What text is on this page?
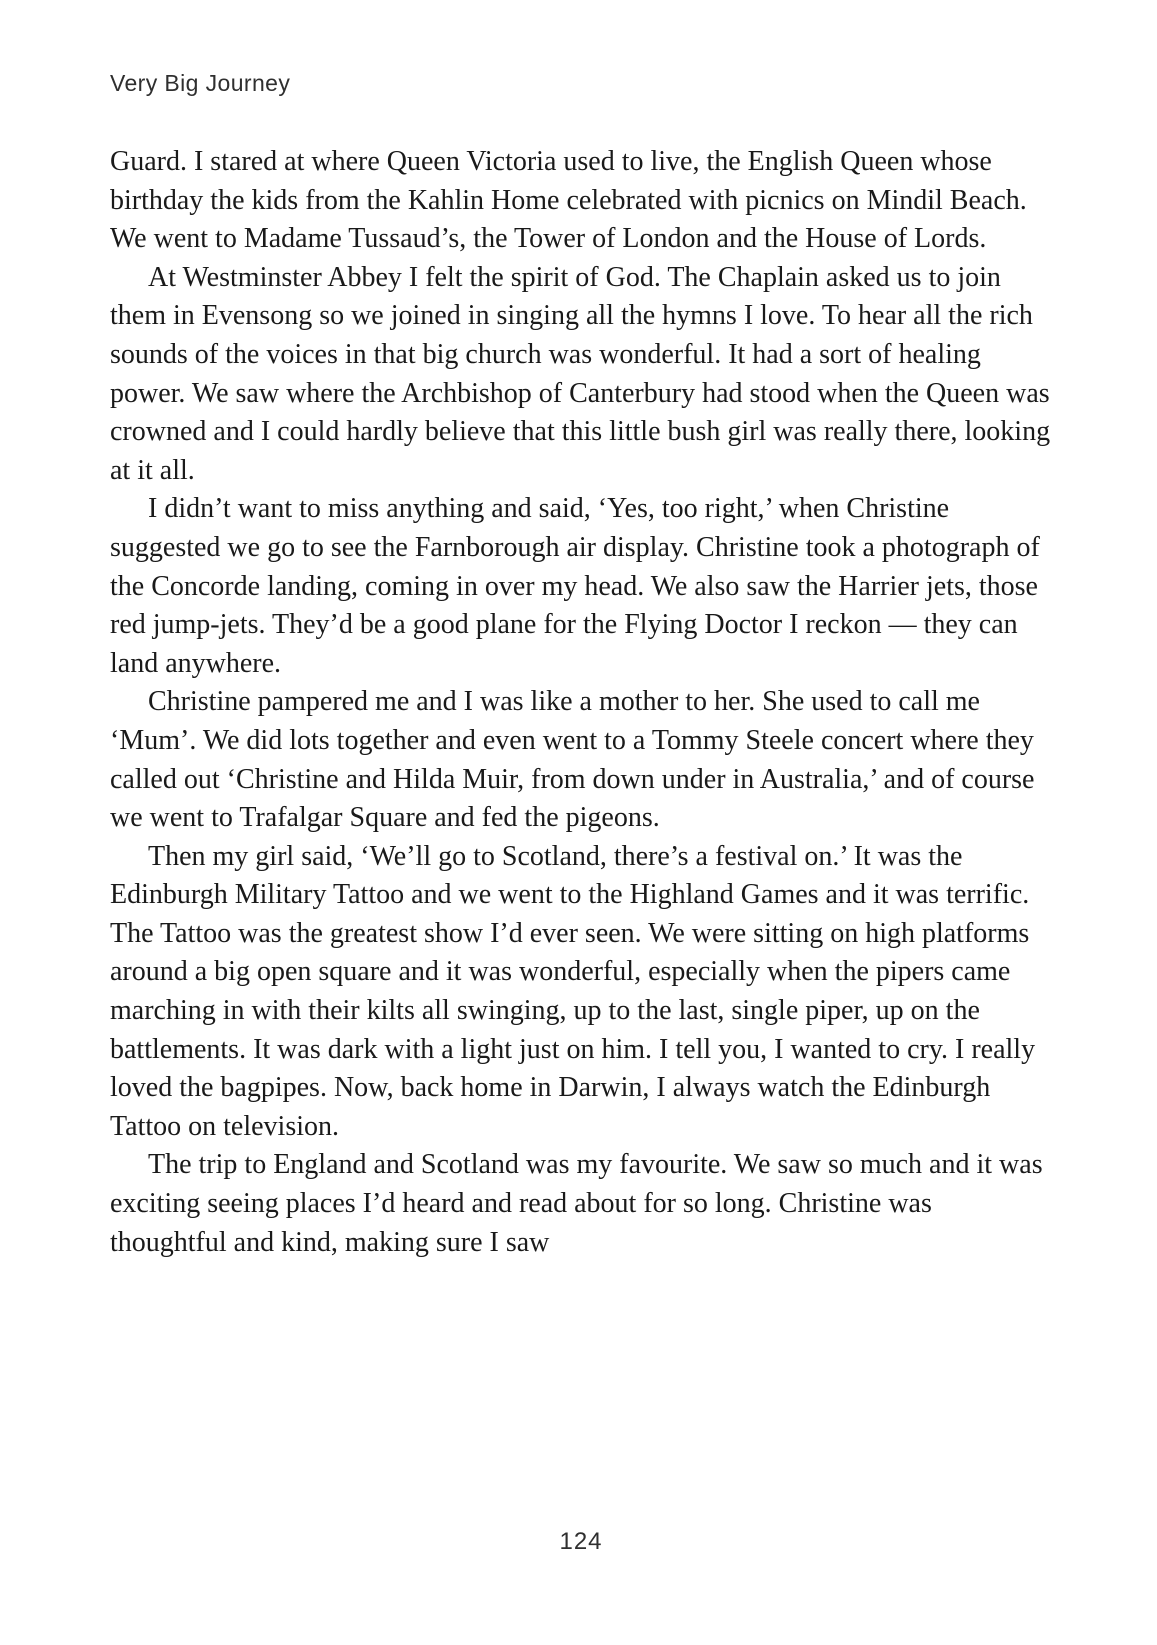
Very Big Journey

Guard. I stared at where Queen Victoria used to live, the English Queen whose birthday the kids from the Kahlin Home celebrated with picnics on Mindil Beach. We went to Madame Tussaud’s, the Tower of London and the House of Lords.

At Westminster Abbey I felt the spirit of God. The Chaplain asked us to join them in Evensong so we joined in singing all the hymns I love. To hear all the rich sounds of the voices in that big church was wonderful. It had a sort of healing power. We saw where the Archbishop of Canterbury had stood when the Queen was crowned and I could hardly believe that this little bush girl was really there, looking at it all.

I didn’t want to miss anything and said, ‘Yes, too right,’ when Christine suggested we go to see the Farnborough air display. Christine took a photograph of the Concorde landing, coming in over my head. We also saw the Harrier jets, those red jump-jets. They’d be a good plane for the Flying Doctor I reckon — they can land anywhere.

Christine pampered me and I was like a mother to her. She used to call me ‘Mum’. We did lots together and even went to a Tommy Steele concert where they called out ‘Christine and Hilda Muir, from down under in Australia,’ and of course we went to Trafalgar Square and fed the pigeons.

Then my girl said, ‘We’ll go to Scotland, there’s a festival on.’ It was the Edinburgh Military Tattoo and we went to the Highland Games and it was terrific. The Tattoo was the greatest show I’d ever seen. We were sitting on high platforms around a big open square and it was wonderful, especially when the pipers came marching in with their kilts all swinging, up to the last, single piper, up on the battlements. It was dark with a light just on him. I tell you, I wanted to cry. I really loved the bagpipes. Now, back home in Darwin, I always watch the Edinburgh Tattoo on television.

The trip to England and Scotland was my favourite. We saw so much and it was exciting seeing places I’d heard and read about for so long. Christine was thoughtful and kind, making sure I saw

124
